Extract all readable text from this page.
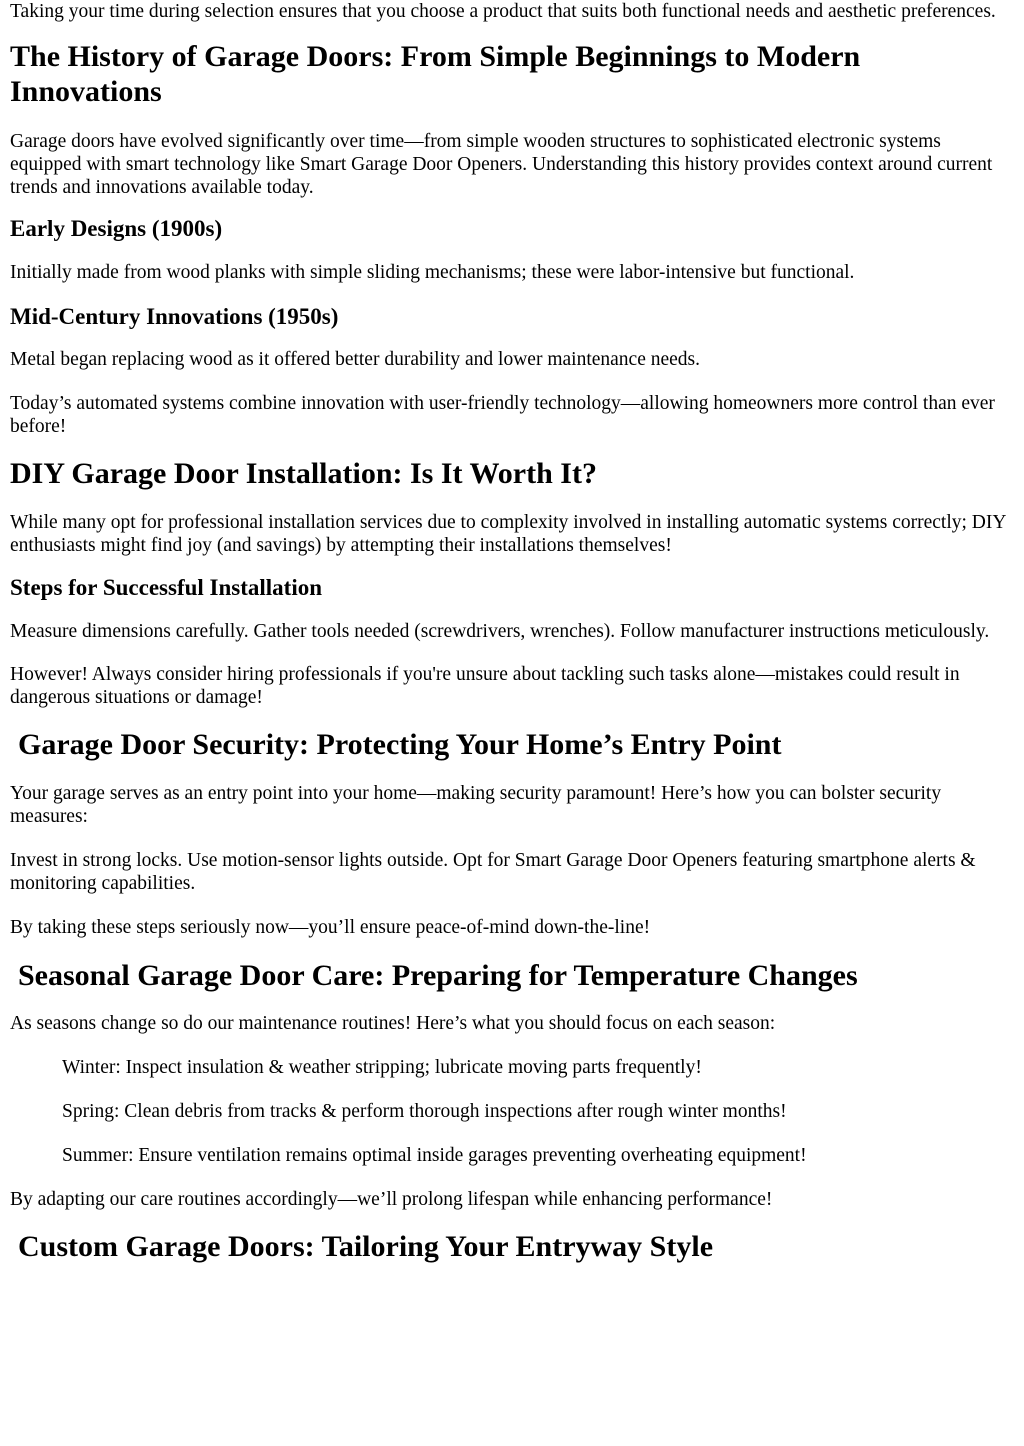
Taking your time during selection ensures that you choose a product that suits both functional needs and aesthetic preferences.

The History of Garage Doors: From Simple Beginnings to Modern Innovations

Garage doors have evolved significantly over time—from simple wooden structures to sophisticated electronic systems equipped with smart technology like Smart Garage Door Openers. Understanding this history provides context around current trends and innovations available today.

Early Designs (1900s)

Initially made from wood planks with simple sliding mechanisms; these were labor-intensive but functional.

Mid-Century Innovations (1950s)

Metal began replacing wood as it offered better durability and lower maintenance needs.

Today’s automated systems combine innovation with user-friendly technology—allowing homeowners more control than ever before!

DIY Garage Door Installation: Is It Worth It?

While many opt for professional installation services due to complexity involved in installing automatic systems correctly; DIY enthusiasts might find joy (and savings) by attempting their installations themselves!

Steps for Successful Installation

Measure dimensions carefully. Gather tools needed (screwdrivers, wrenches). Follow manufacturer instructions meticulously.

However! Always consider hiring professionals if you're unsure about tackling such tasks alone—mistakes could result in dangerous situations or damage!

Garage Door Security: Protecting Your Home’s Entry Point

Your garage serves as an entry point into your home—making security paramount! Here’s how you can bolster security measures:

Invest in strong locks. Use motion-sensor lights outside. Opt for Smart Garage Door Openers featuring smartphone alerts & monitoring capabilities.

By taking these steps seriously now—you’ll ensure peace-of-mind down-the-line!

Seasonal Garage Door Care: Preparing for Temperature Changes

As seasons change so do our maintenance routines! Here’s what you should focus on each season:

Winter: Inspect insulation & weather stripping; lubricate moving parts frequently!

Spring: Clean debris from tracks & perform thorough inspections after rough winter months!

Summer: Ensure ventilation remains optimal inside garages preventing overheating equipment!

By adapting our care routines accordingly—we’ll prolong lifespan while enhancing performance!

Custom Garage Doors: Tailoring Your Entryway Style
